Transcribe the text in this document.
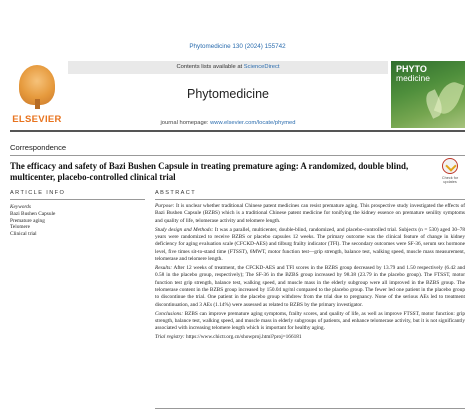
Phytomedicine 130 (2024) 155742
ELSEVIER
Contents lists available at ScienceDirect
Phytomedicine
journal homepage: www.elsevier.com/locate/phymed
PHYTO
medicine
Correspondence
The efficacy and safety of Bazi Bushen Capsule in treating premature aging: A randomized, double blind, multicenter, placebo-controlled clinical trial	Check for
updates
ARTICLE INFO	ABSTRACT
Keywords
Bazi Bushen Capsule
Premature aging
Telomere
Clinical trial

Purpose: It is unclear whether traditional Chinese patent medicines can resist premature aging. This prospective study investigated the effects of Bazi Bushen Capsule (BZBS) which is a traditional Chinese patent medicine for tonifying the kidney essence on premature senility symptoms and quality of life, telomerase activity and telomere length.

Study design and Methods: It was a parallel, multicenter, double-blind, randomized, and placebo-controlled trial. Subjects (n = 530) aged 30–78 years were randomized to receive BZBS or placebo capsules 12 weeks. The primary outcome was the clinical feature of change in kidney deficiency for aging evaluation scale (CFCKD-AES) and tilburg frailty indicator (TFI). The secondary outcomes were SF-36, serum sex hormone level, five times sit-to-stand time (FTSST), 6MWT, motor function test—grip strength, balance test, walking speed, muscle mass measurement, telomerase and telomere length.

Results: After 12 weeks of treatment, the CFCKD-AES and TFI scores in the BZBS group decreased by 13.79 and 1.50 respectively (6.42 and 0.58 in the placebo group, respectively); The SF-36 in the BZBS group increased by 98.38 (23.79 in the placebo group). The FTSST, motor function test grip strength, balance test, walking speed, and muscle mass in the elderly subgroup were all improved in the BZBS group. The telomerase content in the BZBS group increased by 150.04 ng/ml compared to the placebo group. The fewer led one patient in the placebo group to discontinue the trial. One patient in the placebo group withdrew from the trial due to pregnancy. None of the serious AEs led to treatment discontinuation, and 3 AEs (1.14%) were assessed as related to BZBS by the primary investigator.

Conclusions: BZBS can improve premature aging symptoms, frailty scores, and quality of life, as well as improve FTSST, motor function: grip strength, balance test, walking speed, and muscle mass in elderly subgroups of patients, and enhance telomerase activity, but it is not significantly associated with increasing telomere length which is important for healthy aging.

Trial registry: https://www.chictr.org.cn/showproj.html?proj=166181
